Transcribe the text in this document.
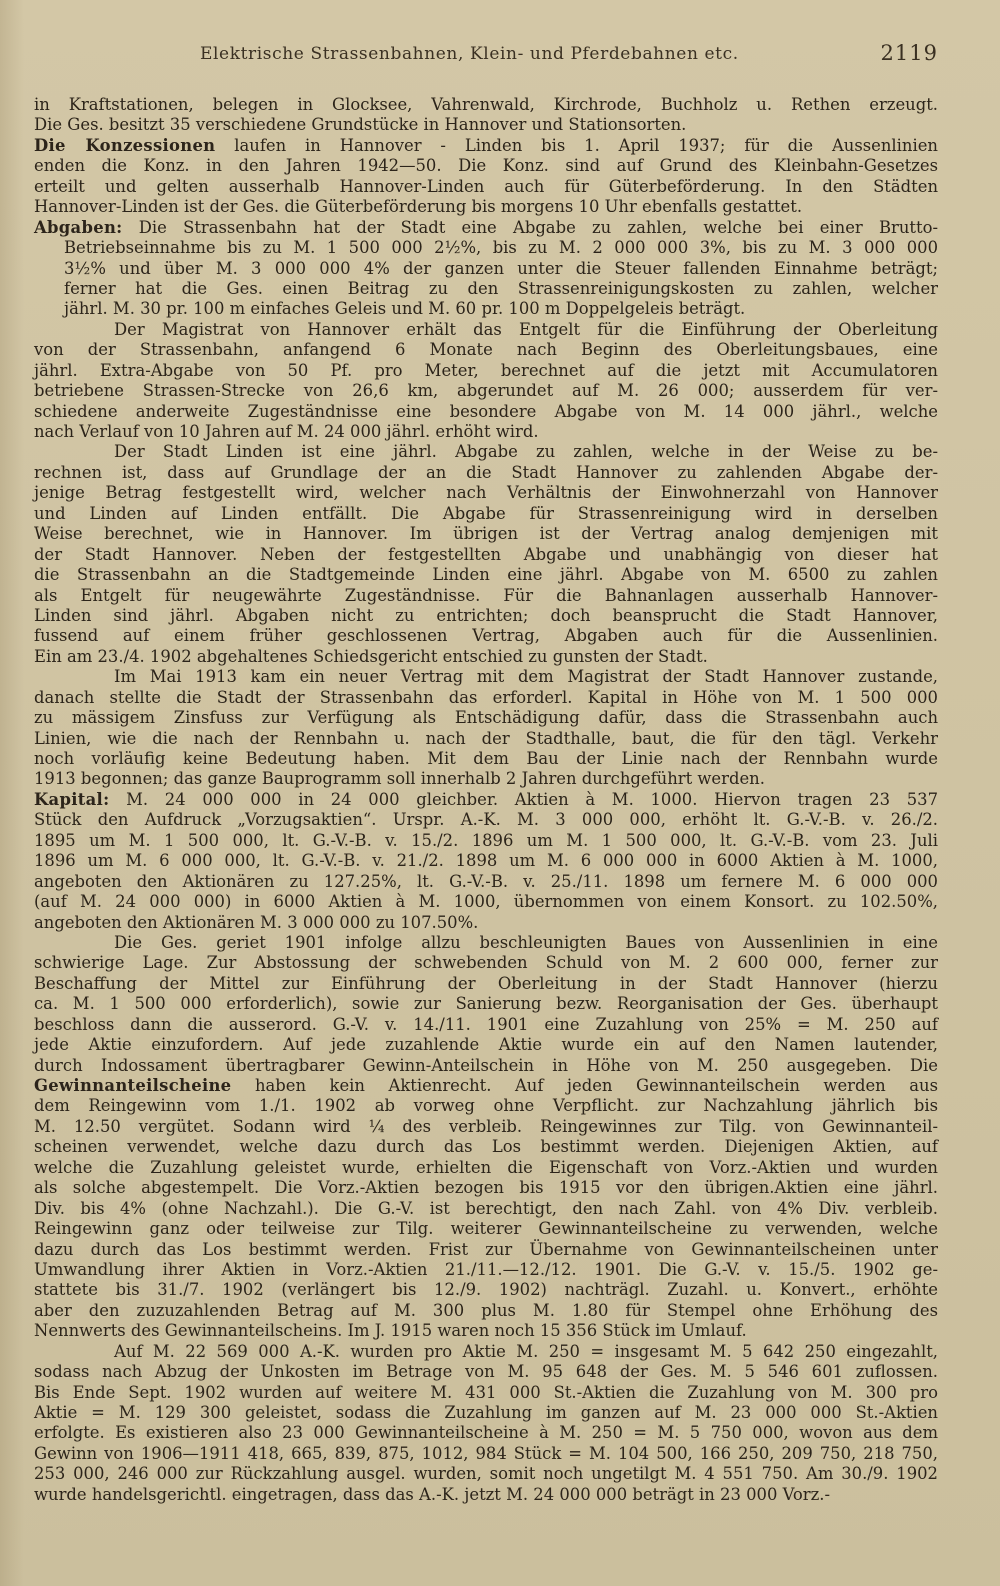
Elektrische Strassenbahnen, Klein- und Pferdebahnen etc.	2119
in Kraftstationen, belegen in Glocksee, Vahrenwald, Kirchrode, Buchholz u. Rethen erzeugt.
Die Ges. besitzt 35 verschiedene Grundstücke in Hannover und Stationsorten.
Die Konzessionen laufen in Hannover - Linden bis 1. April 1937; für die Aussenlinien
enden die Konz. in den Jahren 1942—50. Die Konz. sind auf Grund des Kleinbahn-Gesetzes
erteilt und gelten ausserhalb Hannover-Linden auch für Güterbeförderung. In den Städten
Hannover-Linden ist der Ges. die Güterbeförderung bis morgens 10 Uhr ebenfalls gestattet.
Abgaben: Die Strassenbahn hat der Stadt eine Abgabe zu zahlen, welche bei einer Brutto-
Betriebseinnahme bis zu M. 1 500 000 2½%, bis zu M. 2 000 000 3%, bis zu M. 3 000 000
3½% und über M. 3 000 000 4% der ganzen unter die Steuer fallenden Einnahme beträgt;
ferner hat die Ges. einen Beitrag zu den Strassenreinigungskosten zu zahlen, welcher
jährl. M. 30 pr. 100 m einfaches Geleis und M. 60 pr. 100 m Doppelgeleis beträgt.
Der Magistrat von Hannover erhält das Entgelt für die Einführung der Oberleitung
von der Strassenbahn, anfangend 6 Monate nach Beginn des Oberleitungsbaues, eine
jährl. Extra-Abgabe von 50 Pf. pro Meter, berechnet auf die jetzt mit Accumulatoren
betriebene Strassen-Strecke von 26,6 km, abgerundet auf M. 26 000; ausserdem für ver-
schiedene anderweite Zugeständnisse eine besondere Abgabe von M. 14 000 jährl., welche
nach Verlauf von 10 Jahren auf M. 24 000 jährl. erhöht wird.
Der Stadt Linden ist eine jährl. Abgabe zu zahlen, welche in der Weise zu be-
rechnen ist, dass auf Grundlage der an die Stadt Hannover zu zahlenden Abgabe der-
jenige Betrag festgestellt wird, welcher nach Verhältnis der Einwohnerzahl von Hannover
und Linden auf Linden entfällt. Die Abgabe für Strassenreinigung wird in derselben
Weise berechnet, wie in Hannover. Im übrigen ist der Vertrag analog demjenigen mit
der Stadt Hannover. Neben der festgestellten Abgabe und unabhängig von dieser hat
die Strassenbahn an die Stadtgemeinde Linden eine jährl. Abgabe von M. 6500 zu zahlen
als Entgelt für neugewährte Zugeständnisse. Für die Bahnanlagen ausserhalb Hannover-
Linden sind jährl. Abgaben nicht zu entrichten; doch beansprucht die Stadt Hannover,
fussend auf einem früher geschlossenen Vertrag, Abgaben auch für die Aussenlinien.
Ein am 23./4. 1902 abgehaltenes Schiedsgericht entschied zu gunsten der Stadt.
Im Mai 1913 kam ein neuer Vertrag mit dem Magistrat der Stadt Hannover zustande,
danach stellte die Stadt der Strassenbahn das erforderl. Kapital in Höhe von M. 1 500 000
zu mässigem Zinsfuss zur Verfügung als Entschädigung dafür, dass die Strassenbahn auch
Linien, wie die nach der Rennbahn u. nach der Stadthalle, baut, die für den tägl. Verkehr
noch vorläufig keine Bedeutung haben. Mit dem Bau der Linie nach der Rennbahn wurde
1913 begonnen; das ganze Bauprogramm soll innerhalb 2 Jahren durchgeführt werden.
Kapital: M. 24 000 000 in 24 000 gleichber. Aktien à M. 1000. Hiervon tragen 23 537
Stück den Aufdruck „Vorzugsaktien“. Urspr. A.-K. M. 3 000 000, erhöht lt. G.-V.-B. v. 26./2.
1895 um M. 1 500 000, lt. G.-V.-B. v. 15./2. 1896 um M. 1 500 000, lt. G.-V.-B. vom 23. Juli
1896 um M. 6 000 000, lt. G.-V.-B. v. 21./2. 1898 um M. 6 000 000 in 6000 Aktien à M. 1000,
angeboten den Aktionären zu 127.25%, lt. G.-V.-B. v. 25./11. 1898 um fernere M. 6 000 000
(auf M. 24 000 000) in 6000 Aktien à M. 1000, übernommen von einem Konsort. zu 102.50%,
angeboten den Aktionären M. 3 000 000 zu 107.50%.
Die Ges. geriet 1901 infolge allzu beschleunigten Baues von Aussenlinien in eine
schwierige Lage. Zur Abstossung der schwebenden Schuld von M. 2 600 000, ferner zur
Beschaffung der Mittel zur Einführung der Oberleitung in der Stadt Hannover (hierzu
ca. M. 1 500 000 erforderlich), sowie zur Sanierung bezw. Reorganisation der Ges. überhaupt
beschloss dann die ausserord. G.-V. v. 14./11. 1901 eine Zuzahlung von 25% = M. 250 auf
jede Aktie einzufordern. Auf jede zuzahlende Aktie wurde ein auf den Namen lautender,
durch Indossament übertragbarer Gewinn-Anteilschein in Höhe von M. 250 ausgegeben. Die
Gewinnanteilscheine haben kein Aktienrecht. Auf jeden Gewinnanteilschein werden aus
dem Reingewinn vom 1./1. 1902 ab vorweg ohne Verpflicht. zur Nachzahlung jährlich bis
M. 12.50 vergütet. Sodann wird ¼ des verbleib. Reingewinnes zur Tilg. von Gewinnanteil-
scheinen verwendet, welche dazu durch das Los bestimmt werden. Diejenigen Aktien, auf
welche die Zuzahlung geleistet wurde, erhielten die Eigenschaft von Vorz.-Aktien und wurden
als solche abgestempelt. Die Vorz.-Aktien bezogen bis 1915 vor den übrigen.Aktien eine jährl.
Div. bis 4% (ohne Nachzahl.). Die G.-V. ist berechtigt, den nach Zahl. von 4% Div. verbleib.
Reingewinn ganz oder teilweise zur Tilg. weiterer Gewinnanteilscheine zu verwenden, welche
dazu durch das Los bestimmt werden. Frist zur Übernahme von Gewinnanteilscheinen unter
Umwandlung ihrer Aktien in Vorz.-Aktien 21./11.—12./12. 1901. Die G.-V. v. 15./5. 1902 ge-
stattete bis 31./7. 1902 (verlängert bis 12./9. 1902) nachträgl. Zuzahl. u. Konvert., erhöhte
aber den zuzuzahlenden Betrag auf M. 300 plus M. 1.80 für Stempel ohne Erhöhung des
Nennwerts des Gewinnanteilscheins. Im J. 1915 waren noch 15 356 Stück im Umlauf.
Auf M. 22 569 000 A.-K. wurden pro Aktie M. 250 = insgesamt M. 5 642 250 eingezahlt,
sodass nach Abzug der Unkosten im Betrage von M. 95 648 der Ges. M. 5 546 601 zuflossen.
Bis Ende Sept. 1902 wurden auf weitere M. 431 000 St.-Aktien die Zuzahlung von M. 300 pro
Aktie = M. 129 300 geleistet, sodass die Zuzahlung im ganzen auf M. 23 000 000 St.-Aktien
erfolgte. Es existieren also 23 000 Gewinnanteilscheine à M. 250 = M. 5 750 000, wovon aus dem
Gewinn von 1906—1911 418, 665, 839, 875, 1012, 984 Stück = M. 104 500, 166 250, 209 750, 218 750,
253 000, 246 000 zur Rückzahlung ausgel. wurden, somit noch ungetilgt M. 4 551 750. Am 30./9. 1902
wurde handelsgerichtl. eingetragen, dass das A.-K. jetzt M. 24 000 000 beträgt in 23 000 Vorz.-
